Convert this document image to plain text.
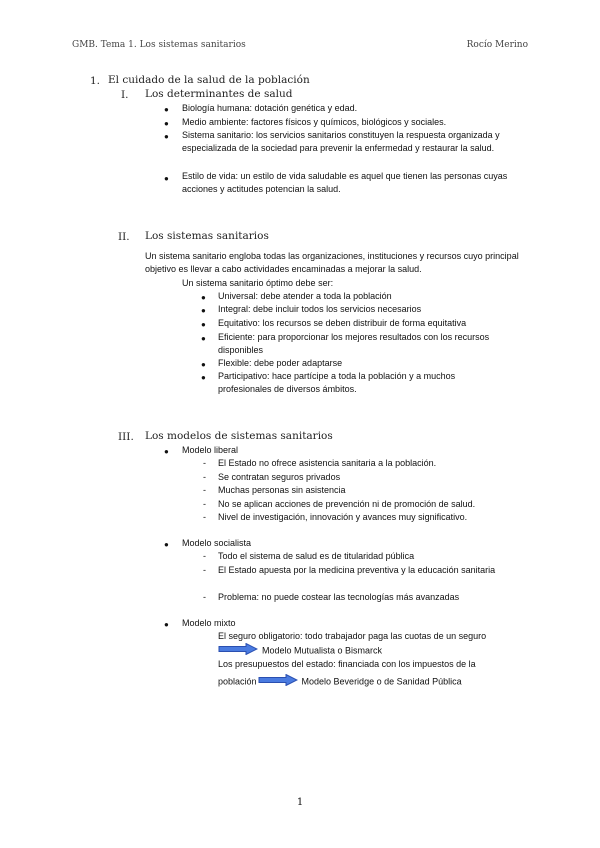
GMB. Tema 1. Los sistemas sanitarios	Rocío Merino
1. El cuidado de la salud de la población
I. Los determinantes de salud
● Biología humana: dotación genética y edad.
● Medio ambiente: factores físicos y químicos, biológicos y sociales.
● Sistema sanitario: los servicios sanitarios constituyen la respuesta organizada y especializada de la sociedad para prevenir la enfermedad y restaurar la salud.
● Estilo de vida: un estilo de vida saludable es aquel que tienen las personas cuyas acciones y actitudes potencian la salud.
II. Los sistemas sanitarios
Un sistema sanitario engloba todas las organizaciones, instituciones y recursos cuyo principal objetivo es llevar a cabo actividades encaminadas a mejorar la salud.
Un sistema sanitario óptimo debe ser:
● Universal: debe atender a toda la población
● Integral: debe incluir todos los servicios necesarios
● Equitativo: los recursos se deben distribuir de forma equitativa
● Eficiente: para proporcionar los mejores resultados con los recursos disponibles
● Flexible: debe poder adaptarse
● Participativo: hace partícipe a toda la población y a muchos profesionales de diversos ámbitos.
III. Los modelos de sistemas sanitarios
● Modelo liberal
- El Estado no ofrece asistencia sanitaria a la población.
- Se contratan seguros privados
- Muchas personas sin asistencia
- No se aplican acciones de prevención ni de promoción de salud.
- Nivel de investigación, innovación y avances muy significativo.
● Modelo socialista
- Todo el sistema de salud es de titularidad pública
- El Estado apuesta por la medicina preventiva y la educación sanitaria
- Problema: no puede costear las tecnologías más avanzadas
● Modelo mixto
El seguro obligatorio: todo trabajador paga las cuotas de un seguro
Modelo Mutualista o Bismarck
Los presupuestos del estado: financiada con los impuestos de la
población	Modelo Beveridge o de Sanidad Pública
1
